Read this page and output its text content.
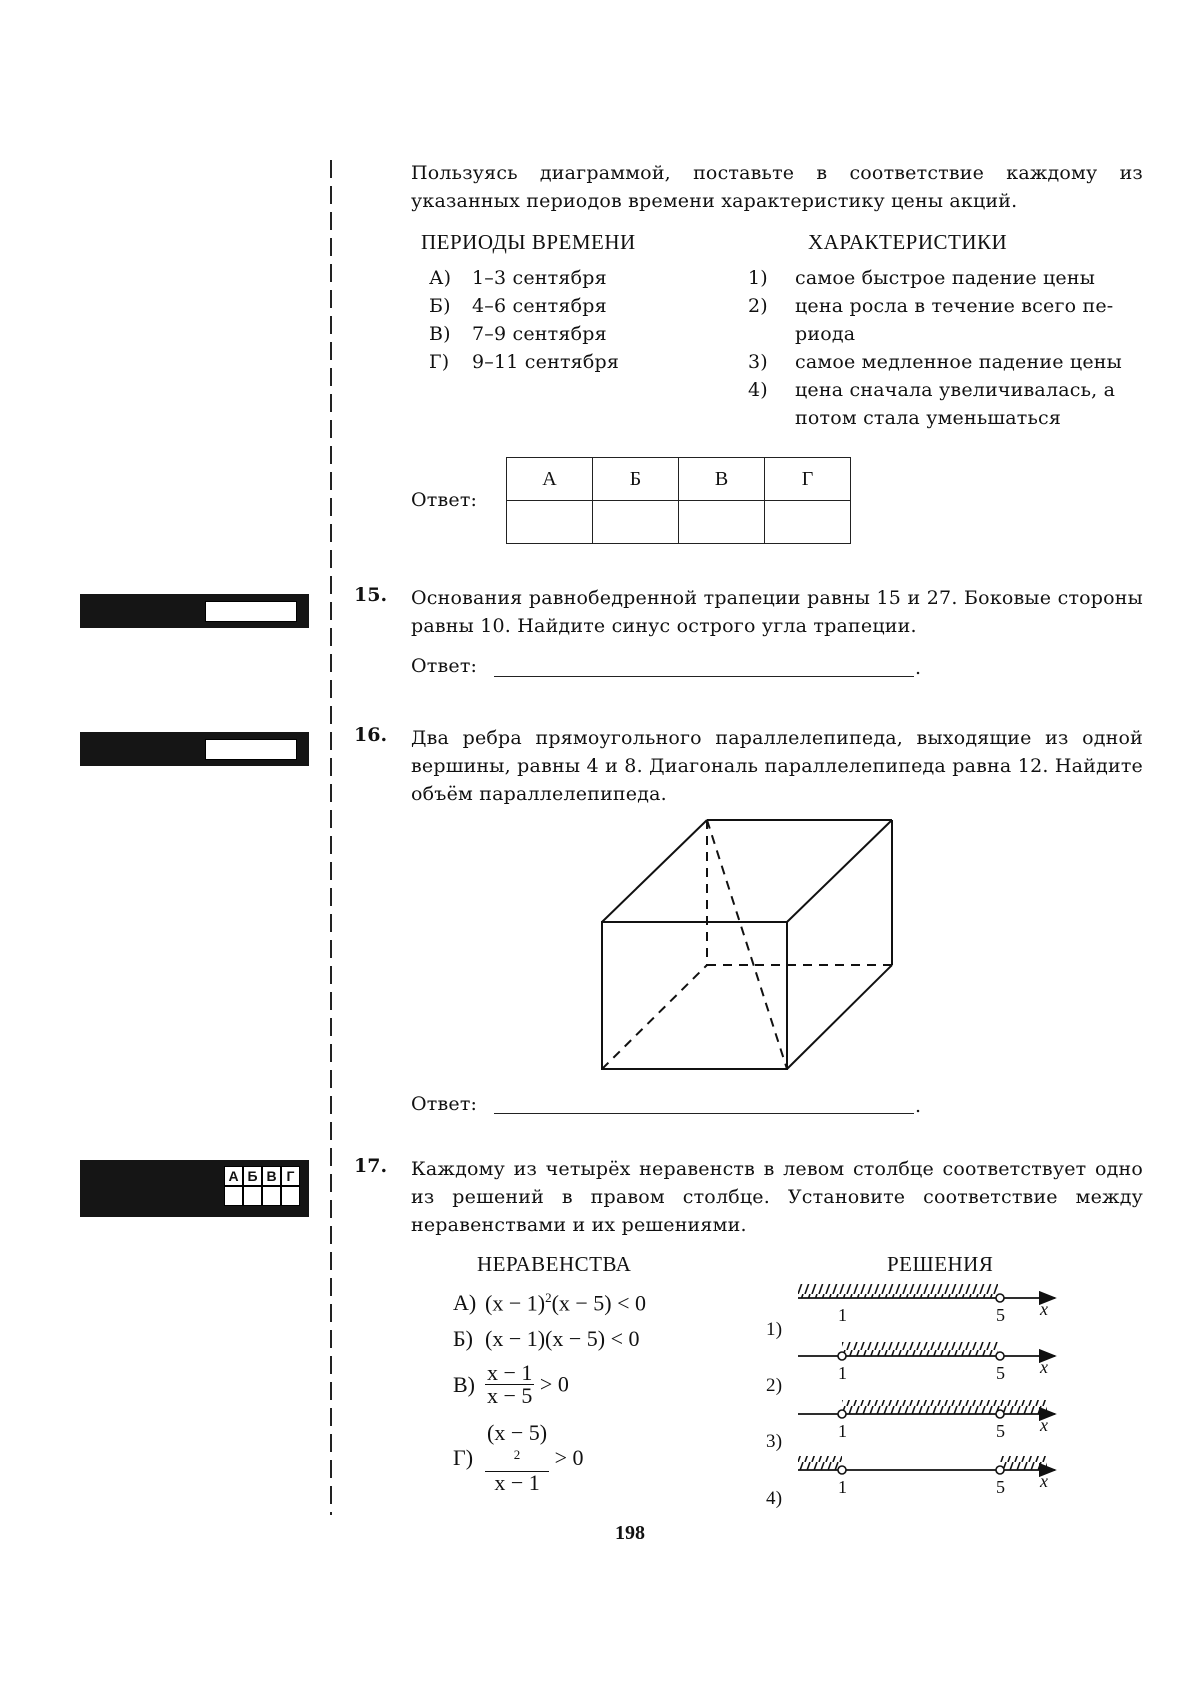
А Б В Г
Пользуясь диаграммой, поставьте в соответствие каждому из указанных периодов времени характеристику цены акций.
ПЕРИОДЫ ВРЕМЕНИ	ХАРАКТЕРИСТИКИ
А) 1–3 сентября
Б) 4–6 сентября
В) 7–9 сентября
Г) 9–11 сентября
1) самое быстрое падение цены
2) цена росла в течение всего пе-
риода
3) самое медленное падение цены
4) цена сначала увеличивалась, а
потом стала уменьшаться
Ответ:
А	Б	В	Г

15. Основания равнобедренной трапеции равны 15 и 27. Боковые стороны равны 10. Найдите синус острого угла трапеции.
Ответ:	.
16. Два ребра прямоугольного параллелепипеда, выходящие из одной вершины, равны 4 и 8. Диагональ параллелепипеда равна 12. Найдите объём параллелепипеда.
Ответ:	.
17. Каждому из четырёх неравенств в левом столбце соответствует одно из решений в правом столбце. Установите соответствие между неравенствами и их решениями.
НЕРАВЕНСТВА	РЕШЕНИЯ
А) $(x - 1)^2(x - 5) < 0$
Б) (x − 1)(x − 5) < 0
$В) \frac{x - 1}{x - 5} > 0$
Г) (x − 5)
$^2$
x − 1 > 0
1)
2)
3)
4)
1	5 x
1	5 x
1	5 x
1	5 x
198
